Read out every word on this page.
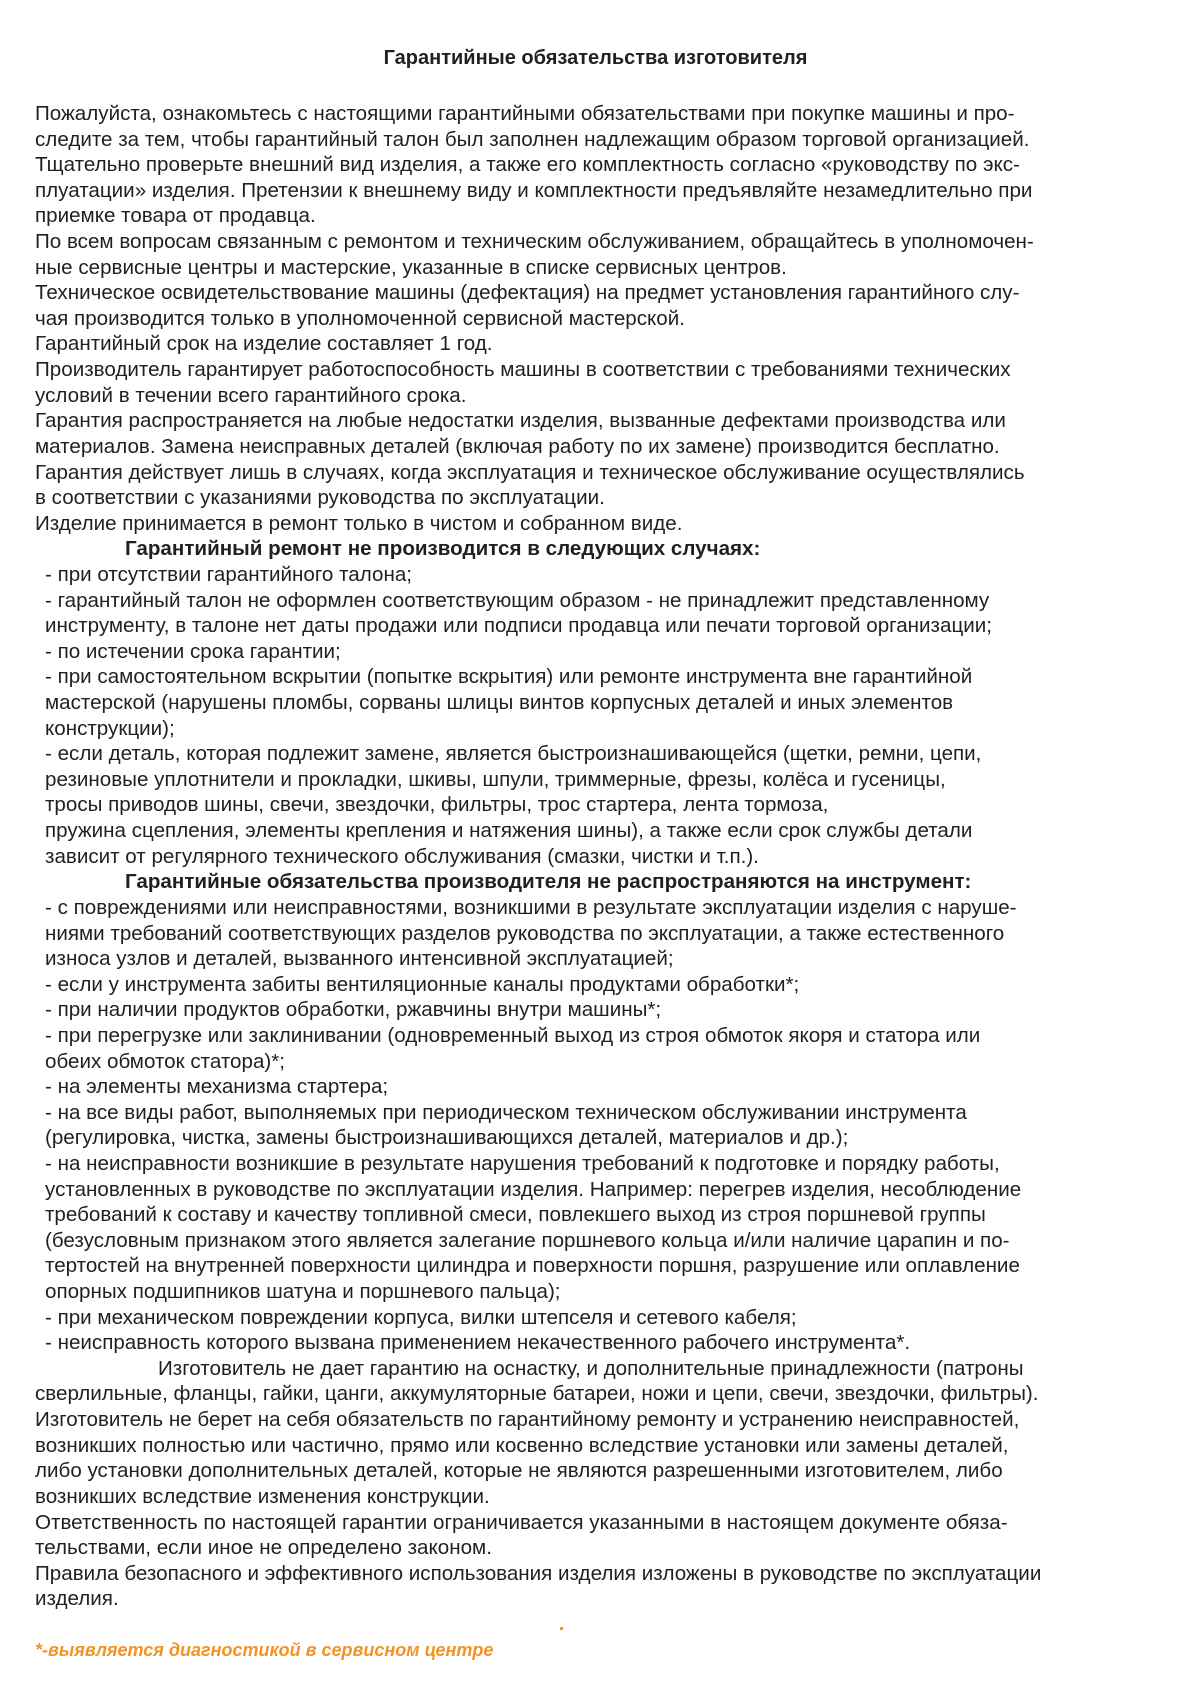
Гарантийные обязательства изготовителя
Пожалуйста, ознакомьтесь с настоящими гарантийными обязательствами при покупке машины и про-
следите за тем, чтобы гарантийный талон был заполнен надлежащим образом торговой организацией.
Тщательно проверьте внешний вид изделия, а также его комплектность согласно «руководству по экс-
плуатации» изделия. Претензии к внешнему виду и комплектности предъявляйте незамедлительно при
приемке товара от продавца.
По всем вопросам связанным с ремонтом и техническим обслуживанием, обращайтесь в уполномочен-
ные сервисные центры и мастерские, указанные в списке сервисных центров.
Техническое освидетельствование машины (дефектация) на предмет установления гарантийного слу-
чая производится только в уполномоченной сервисной мастерской.
Гарантийный срок на изделие составляет 1 год.
Производитель гарантирует работоспособность машины в соответствии с требованиями технических
условий в течении всего гарантийного срока.
Гарантия распространяется на любые недостатки изделия, вызванные дефектами производства или
материалов. Замена неисправных деталей (включая работу по их замене) производится бесплатно.
Гарантия действует лишь в случаях, когда эксплуатация и техническое обслуживание осуществлялись
в соответствии с указаниями руководства по эксплуатации.
Изделие принимается в ремонт только в чистом и собранном виде.
Гарантийный ремонт не производится в следующих случаях:
- при отсутствии гарантийного талона;
- гарантийный талон не оформлен соответствующим образом - не принадлежит представленному
инструменту, в талоне нет даты продажи или подписи продавца или печати торговой организации;
- по истечении срока гарантии;
- при самостоятельном вскрытии (попытке вскрытия) или ремонте инструмента вне гарантийной
мастерской (нарушены пломбы, сорваны шлицы винтов корпусных деталей и иных элементов
конструкции);
- если деталь, которая подлежит замене, является быстроизнашивающейся (щетки, ремни, цепи,
резиновые уплотнители и прокладки, шкивы, шпули, триммерные, фрезы, колёса и гусеницы,
тросы приводов шины, свечи, звездочки, фильтры, трос стартера, лента тормоза,
пружина сцепления, элементы крепления и натяжения шины), а также если срок службы детали
зависит от регулярного технического обслуживания (смазки, чистки и т.п.).
Гарантийные обязательства производителя не распространяются на инструмент:
- с повреждениями или неисправностями, возникшими в результате эксплуатации изделия с наруше-
ниями требований соответствующих разделов руководства по эксплуатации, а также естественного
износа узлов и деталей, вызванного интенсивной эксплуатацией;
- если у инструмента забиты вентиляционные каналы продуктами обработки*;
- при наличии продуктов обработки, ржавчины внутри машины*;
- при перегрузке или заклинивании (одновременный выход из строя обмоток якоря и статора или
обеих обмоток статора)*;
- на элементы механизма стартера;
- на все виды работ, выполняемых при периодическом техническом обслуживании инструмента
(регулировка, чистка, замены быстроизнашивающихся деталей, материалов и др.);
- на неисправности возникшие в результате нарушения требований к подготовке и порядку работы,
установленных в руководстве по эксплуатации изделия. Например: перегрев изделия, несоблюдение
требований к составу и качеству топливной смеси, повлекшего выход из строя поршневой группы
(безусловным признаком этого является залегание поршневого кольца и/или наличие царапин и по-
тертостей на внутренней поверхности цилиндра и поверхности поршня, разрушение или оплавление
опорных подшипников шатуна и поршневого пальца);
- при механическом повреждении корпуса, вилки штепселя и сетевого кабеля;
- неисправность которого вызвана применением некачественного рабочего инструмента*.
Изготовитель не дает гарантию на оснастку, и дополнительные принадлежности (патроны
сверлильные, фланцы, гайки, цанги, аккумуляторные батареи, ножи и цепи, свечи, звездочки, фильтры).
Изготовитель не берет на себя обязательств по гарантийному ремонту и устранению неисправностей,
возникших полностью или частично, прямо или косвенно вследствие установки или замены деталей,
либо установки дополнительных деталей, которые не являются разрешенными изготовителем, либо
возникших вследствие изменения конструкции.
Ответственность по настоящей гарантии ограничивается указанными в настоящем документе обяза-
тельствами, если иное не определено законом.
Правила безопасного и эффективного использования изделия изложены в руководстве по эксплуатации
изделия.
*-выявляется диагностикой в сервисном центре
